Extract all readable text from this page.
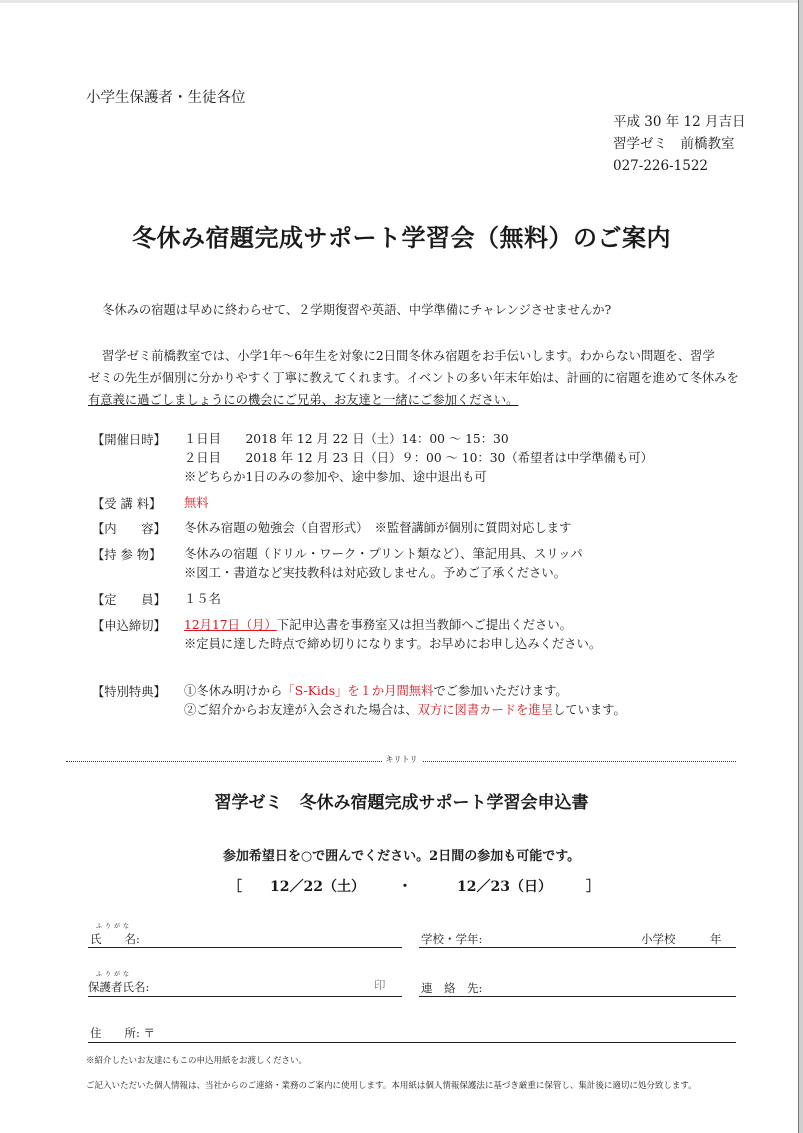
小学生保護者・生徒各位
平成 30 年 12 月吉日
習学ゼミ　前橋教室
027-226-1522
冬休み宿題完成サポート学習会（無料）のご案内
冬休みの宿題は早めに終わらせて、２学期復習や英語、中学準備にチャレンジさせませんか?
習学ゼミ前橋教室では、小学1年～6年生を対象に2日間冬休み宿題をお手伝いします。わからない問題を、習学
ゼミの先生が個別に分かりやすく丁寧に教えてくれます。イベントの多い年末年始は、計画的に宿題を進めて冬休みを
有意義に過ごしましょうにの機会にご兄弟、お友達と一緒にご参加ください。
【開催日時】 １日目　　2018 年 12 月 22 日（土）14：00 ～ 15：30
２日目　　2018 年 12 月 23 日（日）９：00 ～ 10：30（希望者は中学準備も可）
※どちらか1日のみの参加や、途中参加、途中退出も可
【受 講 料】 無料
【内　　容】 冬休み宿題の勉強会（自習形式）　※監督講師が個別に質問対応します
【持 参 物】 冬休みの宿題（ドリル・ワーク・プリント類など）、筆記用具、スリッパ
※図工・書道など実技教科は対応致しません。予めご了承ください。
【定　　員】 １５名
【申込締切】 12月17日（月）下記申込書を事務室又は担当教師へご提出ください。
※定員に達した時点で締め切りになります。お早めにお申し込みください。
【特別特典】 ①冬休み明けから「S-Kids」を１か月間無料でご参加いただけます。
②ご紹介からお友達が入会された場合は、双方に図書カードを進呈しています。
キリトリ
習学ゼミ　冬休み宿題完成サポート学習会申込書
参加希望日を○で囲んでください。2日間の参加も可能です。
［ 12／22（土） ・	12／23（日） ］
ふりがな
氏　　名:	学校・学年:	小学校　　　年
ふりがな
保護者氏名:	印	連　絡　先:
住　　所: 〒
※紹介したいお友達にもこの申込用紙をお渡しください。
ご記入いただいた個人情報は、当社からのご連絡・業務のご案内に使用します。本用紙は個人情報保護法に基づき厳重に保管し、集計後に適切に処分致します。
